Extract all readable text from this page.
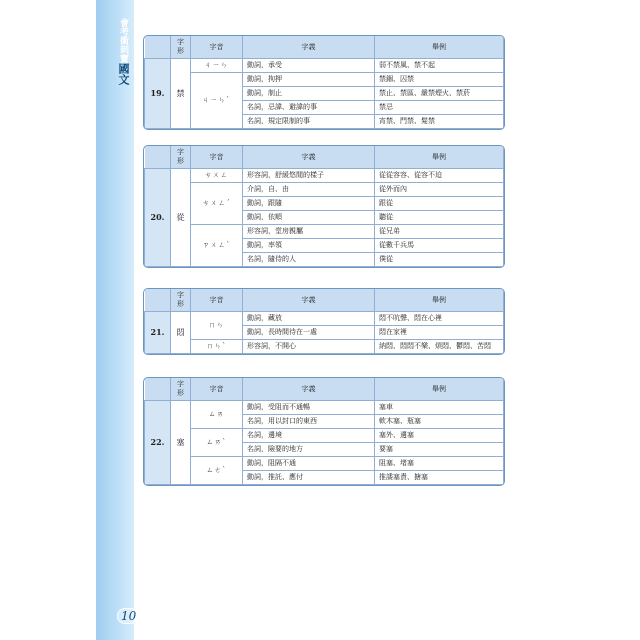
會考衝刺寶國文
10
	字形	字音	字義	舉例
19.	禁	ㄐㄧㄣ	動詞，承受	弱不禁風、禁不起
		ㄐㄧㄣˋ	動詞，拘押	禁錮、囚禁
			動詞，制止	禁止、禁區、嚴禁煙火、禁菸
			名詞，忌諱、避諱的事	禁忌
			名詞，規定限制的事	宵禁、門禁、髮禁
	字形	字音	字義	舉例
20.	從	ㄘㄨㄥ	形容詞，舒緩悠閒的樣子	從從容容、從容不迫
		ㄘㄨㄥˊ	介詞，自、由	從外而內
			動詞，跟隨	跟從
			動詞，依順	聽從
		ㄗㄨㄥˋ	形容詞，堂房親屬	從兄弟
			動詞，率領	從數千兵馬
			名詞，隨侍的人	僕從
	字形	字音	字義	舉例
21.	悶	ㄇㄣ	動詞，藏放	悶不吭聲、悶在心裡
			動詞，長時間待在一處	悶在家裡
		ㄇㄣˋ	形容詞，不開心	納悶、悶悶不樂、煩悶、鬱悶、苦悶
	字形	字音	字義	舉例
22.	塞	ㄙㄞ	動詞，受阻而不通暢	塞車
			名詞，用以封口的東西	軟木塞、瓶塞
		ㄙㄞˋ	名詞，邊境	塞外、邊塞
			名詞，險要的地方	要塞
		ㄙㄜˋ	動詞，阻隔不通	阻塞、堵塞
			動詞，推託、應付	推諉塞責、搪塞
